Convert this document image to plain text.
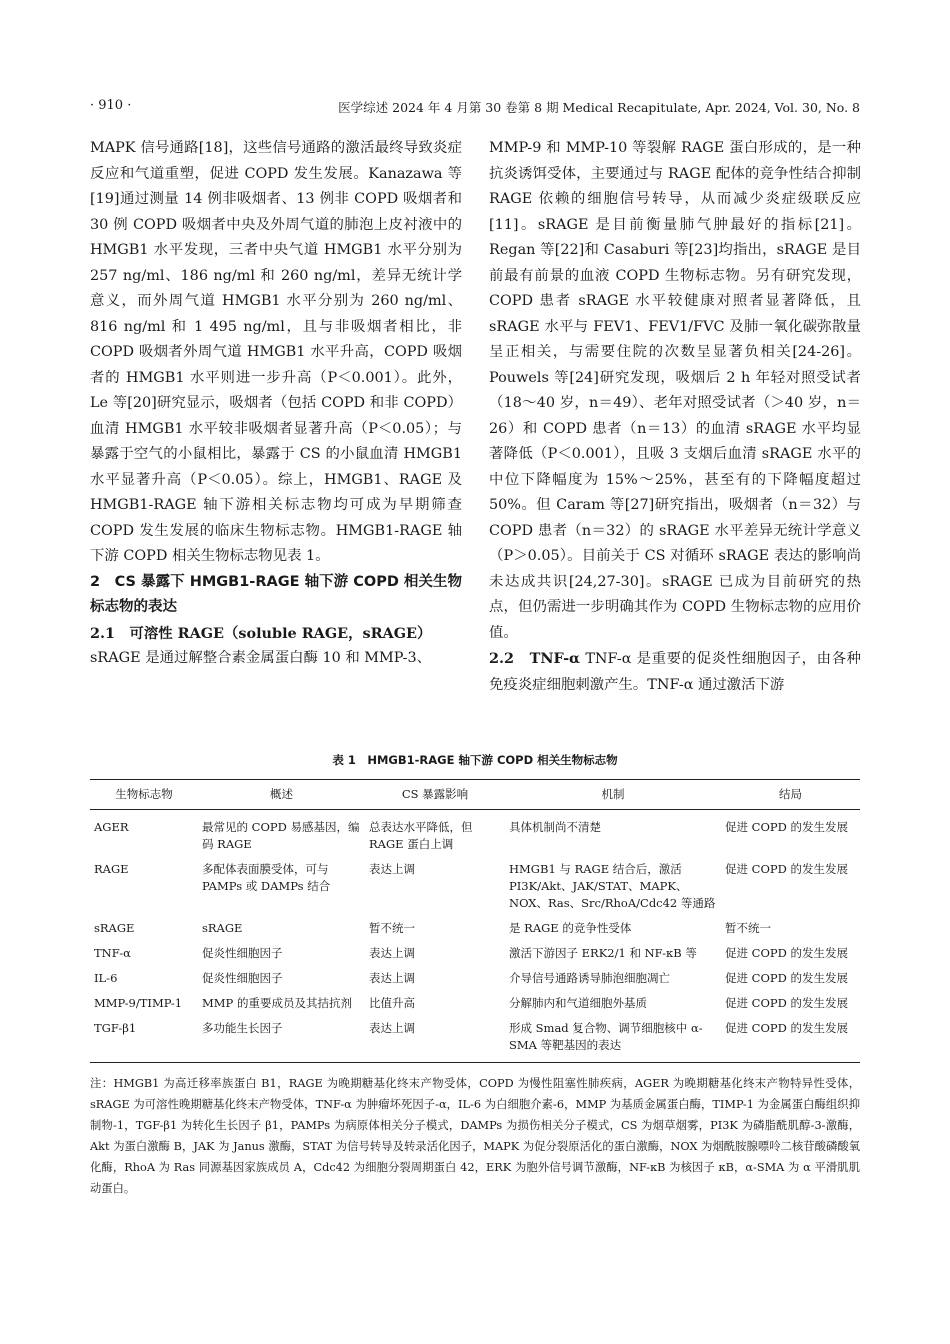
· 910 ·	医学综述 2024 年 4 月第 30 卷第 8 期 Medical Recapitulate, Apr. 2024, Vol. 30, No. 8

MAPK 信号通路[18]，这些信号通路的激活最终导致炎症反应和气道重塑，促进 COPD 发生发展。Kanazawa 等[19]通过测量 14 例非吸烟者、13 例非 COPD 吸烟者和 30 例 COPD 吸烟者中央及外周气道的肺泡上皮衬液中的 HMGB1 水平发现，三者中央气道 HMGB1 水平分别为 257 ng/ml、186 ng/ml 和 260 ng/ml，差异无统计学意义，而外周气道 HMGB1 水平分别为 260 ng/ml、816 ng/ml 和 1 495 ng/ml，且与非吸烟者相比，非 COPD 吸烟者外周气道 HMGB1 水平升高，COPD 吸烟者的 HMGB1 水平则进一步升高（P＜0.001）。此外，Le 等[20]研究显示，吸烟者（包括 COPD 和非 COPD）血清 HMGB1 水平较非吸烟者显著升高（P＜0.05）；与暴露于空气的小鼠相比，暴露于 CS 的小鼠血清 HMGB1 水平显著升高（P＜0.05）。综上，HMGB1、RAGE 及 HMGB1-RAGE 轴下游相关标志物均可成为早期筛查 COPD 发生发展的临床生物标志物。HMGB1-RAGE 轴下游 COPD 相关生物标志物见表 1。

2　CS 暴露下 HMGB1-RAGE 轴下游 COPD 相关生物标志物的表达

2.1　可溶性 RAGE（soluble RAGE，sRAGE）

sRAGE 是通过解整合素金属蛋白酶 10 和 MMP-3、

MMP-9 和 MMP-10 等裂解 RAGE 蛋白形成的，是一种抗炎诱饵受体，主要通过与 RAGE 配体的竞争性结合抑制 RAGE 依赖的细胞信号转导，从而减少炎症级联反应[11]。sRAGE 是目前衡量肺气肿最好的指标[21]。Regan 等[22]和 Casaburi 等[23]均指出，sRAGE 是目前最有前景的血液 COPD 生物标志物。另有研究发现，COPD 患者 sRAGE 水平较健康对照者显著降低，且 sRAGE 水平与 FEV1、FEV1/FVC 及肺一氧化碳弥散量呈正相关，与需要住院的次数呈显著负相关[24-26]。Pouwels 等[24]研究发现，吸烟后 2 h 年轻对照受试者（18～40 岁，n＝49）、老年对照受试者（＞40 岁，n＝26）和 COPD 患者（n＝13）的血清 sRAGE 水平均显著降低（P＜0.001），且吸 3 支烟后血清 sRAGE 水平的中位下降幅度为 15%～25%，甚至有的下降幅度超过 50%。但 Caram 等[27]研究指出，吸烟者（n＝32）与 COPD 患者（n＝32）的 sRAGE 水平差异无统计学意义（P＞0.05）。目前关于 CS 对循环 sRAGE 表达的影响尚未达成共识[24,27-30]。sRAGE 已成为目前研究的热点，但仍需进一步明确其作为 COPD 生物标志物的应用价值。

2.2　TNF-α TNF-α 是重要的促炎性细胞因子，由各种免疫炎症细胞刺激产生。TNF-α 通过激活下游

表 1　HMGB1-RAGE 轴下游 COPD 相关生物标志物
生物标志物	概述	CS 暴露影响	机制	结局
AGER	最常见的 COPD 易感基因，编码 RAGE	总表达水平降低，但 RAGE 蛋白上调	具体机制尚不清楚	促进 COPD 的发生发展
RAGE	多配体表面膜受体，可与 PAMPs 或 DAMPs 结合	表达上调	HMGB1 与 RAGE 结合后，激活 PI3K/Akt、JAK/STAT、MAPK、NOX、Ras、Src/RhoA/Cdc42 等通路	促进 COPD 的发生发展
sRAGE	sRAGE	暂不统一	是 RAGE 的竞争性受体	暂不统一
TNF-α	促炎性细胞因子	表达上调	激活下游因子 ERK2/1 和 NF-κB 等	促进 COPD 的发生发展
IL-6	促炎性细胞因子	表达上调	介导信号通路诱导肺泡细胞凋亡	促进 COPD 的发生发展
MMP-9/TIMP-1	MMP 的重要成员及其拮抗剂	比值升高	分解肺内和气道细胞外基质	促进 COPD 的发生发展
TGF-β1	多功能生长因子	表达上调	形成 Smad 复合物、调节细胞核中 α-SMA 等靶基因的表达	促进 COPD 的发生发展
注：HMGB1 为高迁移率族蛋白 B1，RAGE 为晚期糖基化终末产物受体，COPD 为慢性阻塞性肺疾病，AGER 为晚期糖基化终末产物特异性受体，sRAGE 为可溶性晚期糖基化终末产物受体，TNF-α 为肿瘤坏死因子-α，IL-6 为白细胞介素-6，MMP 为基质金属蛋白酶，TIMP-1 为金属蛋白酶组织抑制物-1，TGF-β1 为转化生长因子 β1，PAMPs 为病原体相关分子模式，DAMPs 为损伤相关分子模式，CS 为烟草烟雾，PI3K 为磷脂酰肌醇-3-激酶，Akt 为蛋白激酶 B，JAK 为 Janus 激酶，STAT 为信号转导及转录活化因子，MAPK 为促分裂原活化的蛋白激酶，NOX 为烟酰胺腺嘌呤二核苷酸磷酸氧化酶，RhoA 为 Ras 同源基因家族成员 A，Cdc42 为细胞分裂周期蛋白 42，ERK 为胞外信号调节激酶，NF-κB 为核因子 κB，α-SMA 为 α 平滑肌肌动蛋白。
